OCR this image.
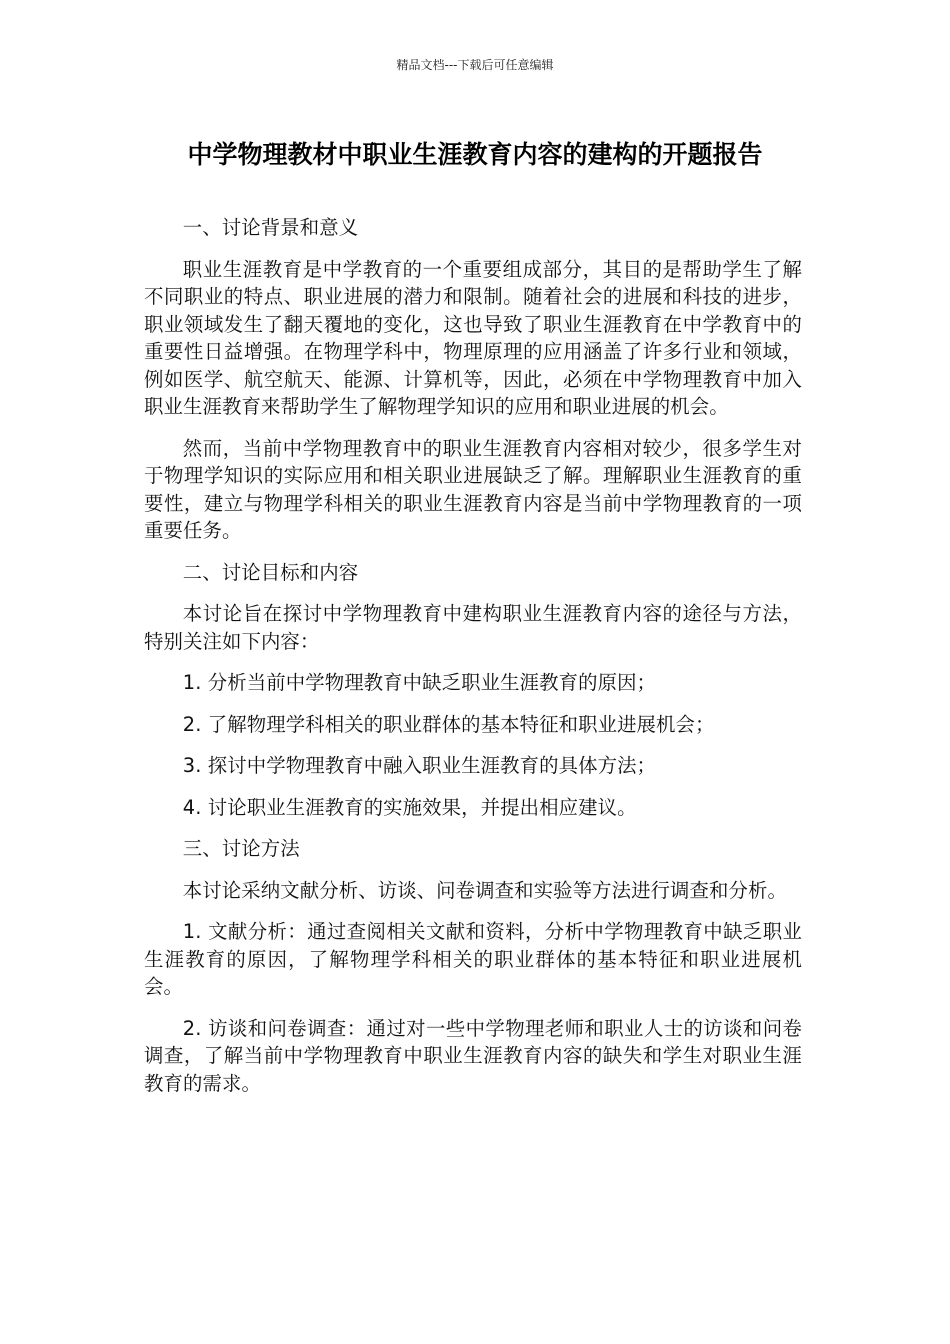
精品文档---下载后可任意编辑
中学物理教材中职业生涯教育内容的建构的开题报告

一、讨论背景和意义

职业生涯教育是中学教育的一个重要组成部分，其目的是帮助学生了解不同职业的特点、职业进展的潜力和限制。随着社会的进展和科技的进步，职业领域发生了翻天覆地的变化，这也导致了职业生涯教育在中学教育中的重要性日益增强。在物理学科中，物理原理的应用涵盖了许多行业和领域，例如医学、航空航天、能源、计算机等，因此，必须在中学物理教育中加入职业生涯教育来帮助学生了解物理学知识的应用和职业进展的机会。

然而，当前中学物理教育中的职业生涯教育内容相对较少，很多学生对于物理学知识的实际应用和相关职业进展缺乏了解。理解职业生涯教育的重要性，建立与物理学科相关的职业生涯教育内容是当前中学物理教育的一项重要任务。

二、讨论目标和内容

本讨论旨在探讨中学物理教育中建构职业生涯教育内容的途径与方法，特别关注如下内容：

1. 分析当前中学物理教育中缺乏职业生涯教育的原因；

2. 了解物理学科相关的职业群体的基本特征和职业进展机会；

3. 探讨中学物理教育中融入职业生涯教育的具体方法；

4. 讨论职业生涯教育的实施效果，并提出相应建议。

三、讨论方法

本讨论采纳文献分析、访谈、问卷调查和实验等方法进行调查和分析。

1. 文献分析：通过查阅相关文献和资料，分析中学物理教育中缺乏职业生涯教育的原因，了解物理学科相关的职业群体的基本特征和职业进展机会。

2. 访谈和问卷调查：通过对一些中学物理老师和职业人士的访谈和问卷调查，了解当前中学物理教育中职业生涯教育内容的缺失和学生对职业生涯教育的需求。
